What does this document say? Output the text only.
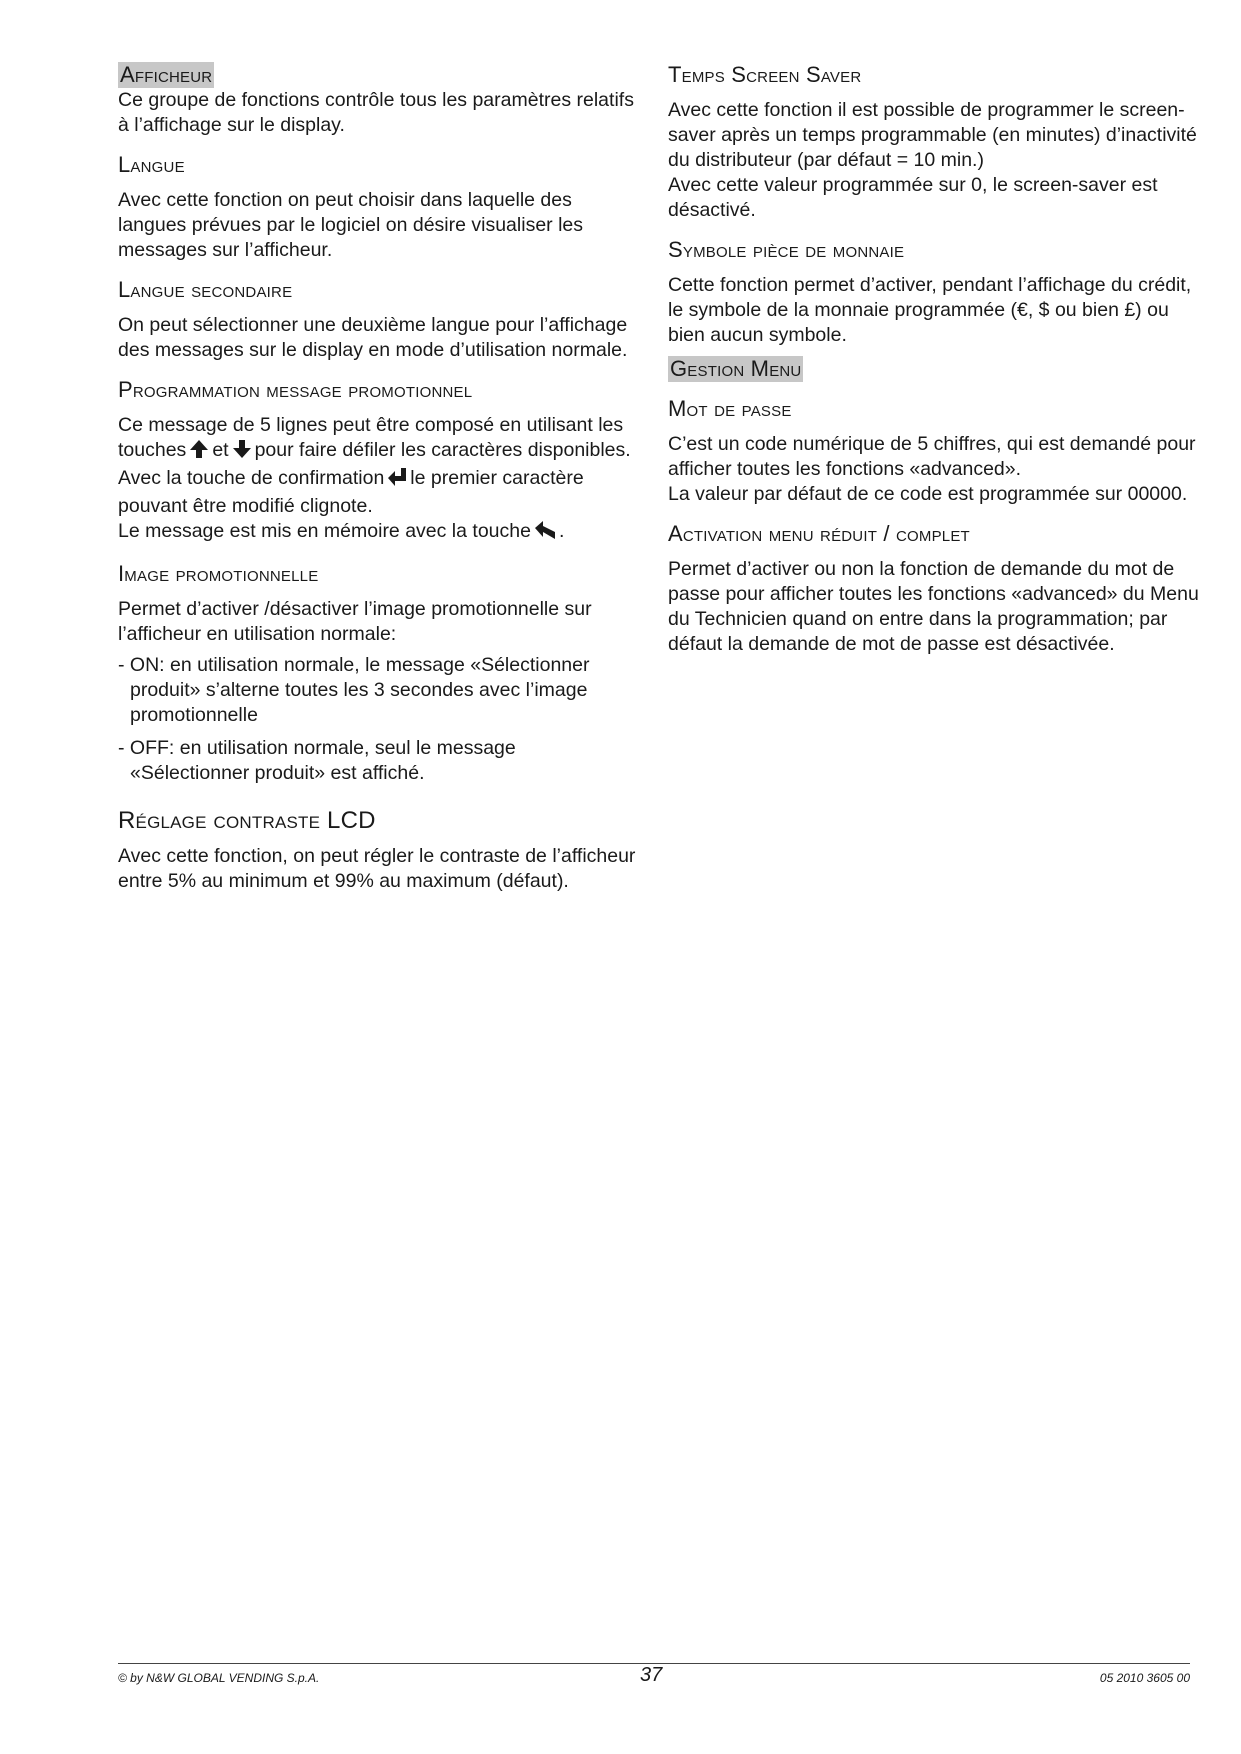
Afficheur

Ce groupe de fonctions contrôle tous les paramètres relatifs à l’affichage sur le display.

Langue

Avec cette fonction on peut choisir dans laquelle des langues prévues par le logiciel on désire visualiser les messages sur l’afficheur.

Langue secondaire

On peut sélectionner une deuxième langue pour l’affichage des messages sur le display en mode d’utilisation normale.

Programmation message promotionnel

Ce message de 5 lignes peut être composé en utilisant les touches et pour faire défiler les caractères disponibles.
Avec la touche de confirmation le premier caractère pouvant être modifié clignote.
Le message est mis en mémoire avec la touche .

Image promotionnelle

Permet d’activer /désactiver l’image promotionnelle sur l’afficheur en utilisation normale:

- ON: en utilisation normale, le message «Sélectionner produit» s’alterne toutes les 3 secondes avec l’image promotionnelle
- OFF: en utilisation normale, seul le message «Sélectionner produit» est affiché.
Réglage contraste LCD

Avec cette fonction, on peut régler le contraste de l’afficheur entre 5% au minimum et 99% au maximum (défaut).

Temps Screen Saver

Avec cette fonction il est possible de programmer le screen-saver après un temps programmable (en minutes) d’inactivité du distributeur (par défaut = 10 min.)

Avec cette valeur programmée sur 0, le screen-saver est désactivé.

Symbole pièce de monnaie

Cette fonction permet d’activer, pendant l’affichage du crédit, le symbole de la monnaie programmée (€, $ ou bien £) ou bien aucun symbole.

Gestion Menu
Mot de passe

C’est un code numérique de 5 chiffres, qui est demandé pour afficher toutes les fonctions «advanced».

La valeur par défaut de ce code est programmée sur 00000.

Activation menu réduit / complet

Permet d’activer ou non la fonction de demande du mot de passe pour afficher toutes les fonctions «advanced» du Menu du Technicien quand on entre dans la programmation; par défaut la demande de mot de passe est désactivée.

© by N&W GLOBAL VENDING S.p.A.	37	05 2010 3605 00
